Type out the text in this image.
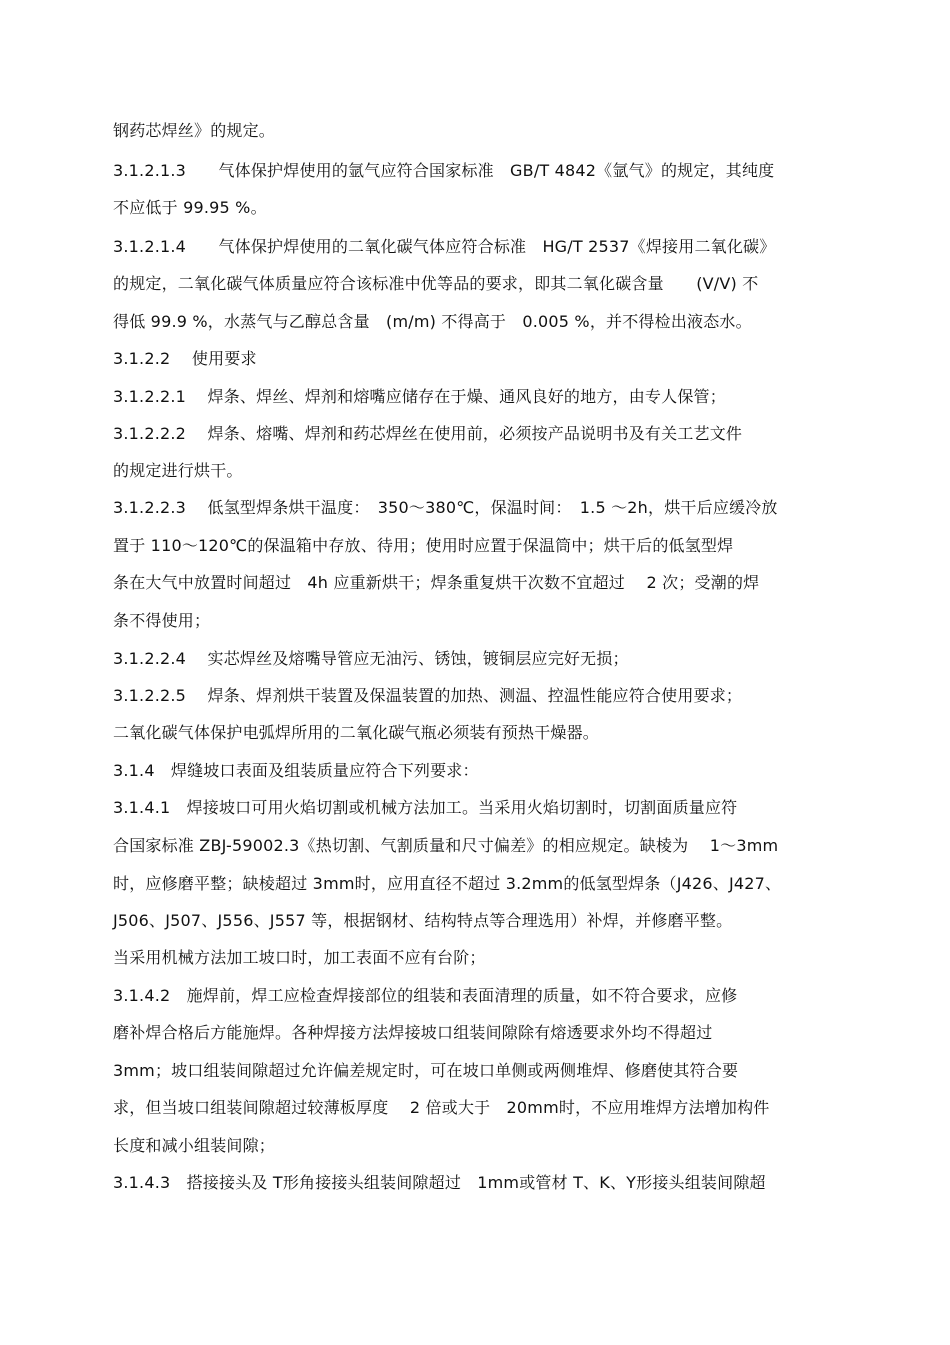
钢药芯焊丝》的规定。
3.1.2.1.3　　气体保护焊使用的氩气应符合国家标准　GB/T 4842《氩气》的规定，其纯度
不应低于 99.95 %。
3.1.2.1.4　　气体保护焊使用的二氧化碳气体应符合标准　HG/T 2537《焊接用二氧化碳》
的规定，二氧化碳气体质量应符合该标准中优等品的要求，即其二氧化碳含量　　(V/V) 不
得低 99.9 %，水蒸气与乙醇总含量　(m/m) 不得高于　0.005 %，并不得检出液态水。
3.1.2.2　 使用要求
3.1.2.2.1　 焊条、焊丝、焊剂和熔嘴应储存在于燥、通风良好的地方，由专人保管；
3.1.2.2.2　 焊条、熔嘴、焊剂和药芯焊丝在使用前，必须按产品说明书及有关工艺文件
的规定进行烘干。
3.1.2.2.3　 低氢型焊条烘干温度：　350～380℃，保温时间：　1.5 ～2h，烘干后应缓冷放
置于 110～120℃的保温箱中存放、待用；使用时应置于保温筒中；烘干后的低氢型焊
条在大气中放置时间超过　4h 应重新烘干；焊条重复烘干次数不宜超过　 2 次；受潮的焊
条不得使用；
3.1.2.2.4　 实芯焊丝及熔嘴导管应无油污、锈蚀，镀铜层应完好无损；
3.1.2.2.5　 焊条、焊剂烘干装置及保温装置的加热、测温、控温性能应符合使用要求；
二氧化碳气体保护电弧焊所用的二氧化碳气瓶必须装有预热干燥器。
3.1.4　焊缝坡口表面及组装质量应符合下列要求：
3.1.4.1　焊接坡口可用火焰切割或机械方法加工。当采用火焰切割时，切割面质量应符
合国家标准 ZBJ-59002.3《热切割、气割质量和尺寸偏差》的相应规定。缺棱为　 1～3mm
时，应修磨平整；缺棱超过 3mm时，应用直径不超过 3.2mm的低氢型焊条（J426、J427、
J506、J507、J556、J557 等，根据钢材、结构特点等合理选用）补焊，并修磨平整。
当采用机械方法加工坡口时，加工表面不应有台阶；
3.1.4.2　施焊前，焊工应检查焊接部位的组装和表面清理的质量，如不符合要求，应修
磨补焊合格后方能施焊。各种焊接方法焊接坡口组装间隙除有熔透要求外均不得超过
3mm；坡口组装间隙超过允许偏差规定时，可在坡口单侧或两侧堆焊、修磨使其符合要
求，但当坡口组装间隙超过较薄板厚度　 2 倍或大于　20mm时，不应用堆焊方法增加构件
长度和减小组装间隙；
3.1.4.3　搭接接头及 T形角接接头组装间隙超过　1mm或管材 T、K、Y形接头组装间隙超
